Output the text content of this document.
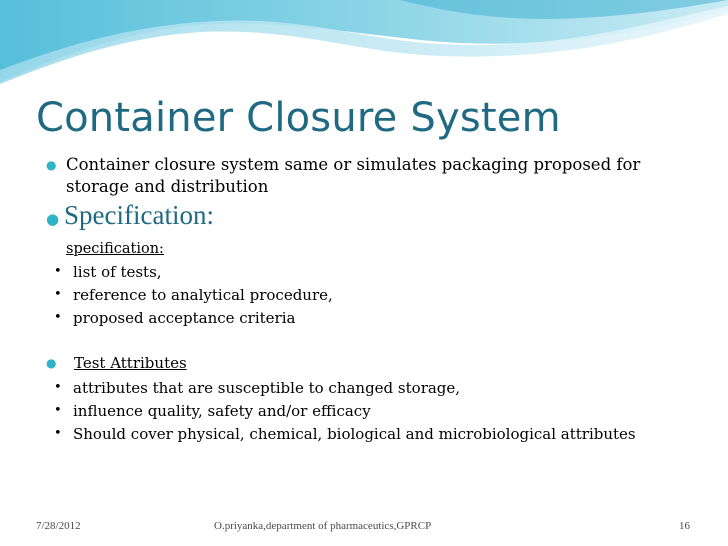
Container Closure System
● Container closure system same or simulates packaging proposed for
storage and distribution
● Specification:
specification:
• list of tests,
• reference to analytical procedure,
• proposed acceptance criteria
●	Test Attributes
• attributes that are susceptible to changed storage,
• influence quality, safety and/or efficacy
• Should cover physical, chemical, biological and microbiological attributes
7/28/2012	O.priyanka,department of pharmaceutics,GPRCP	16
